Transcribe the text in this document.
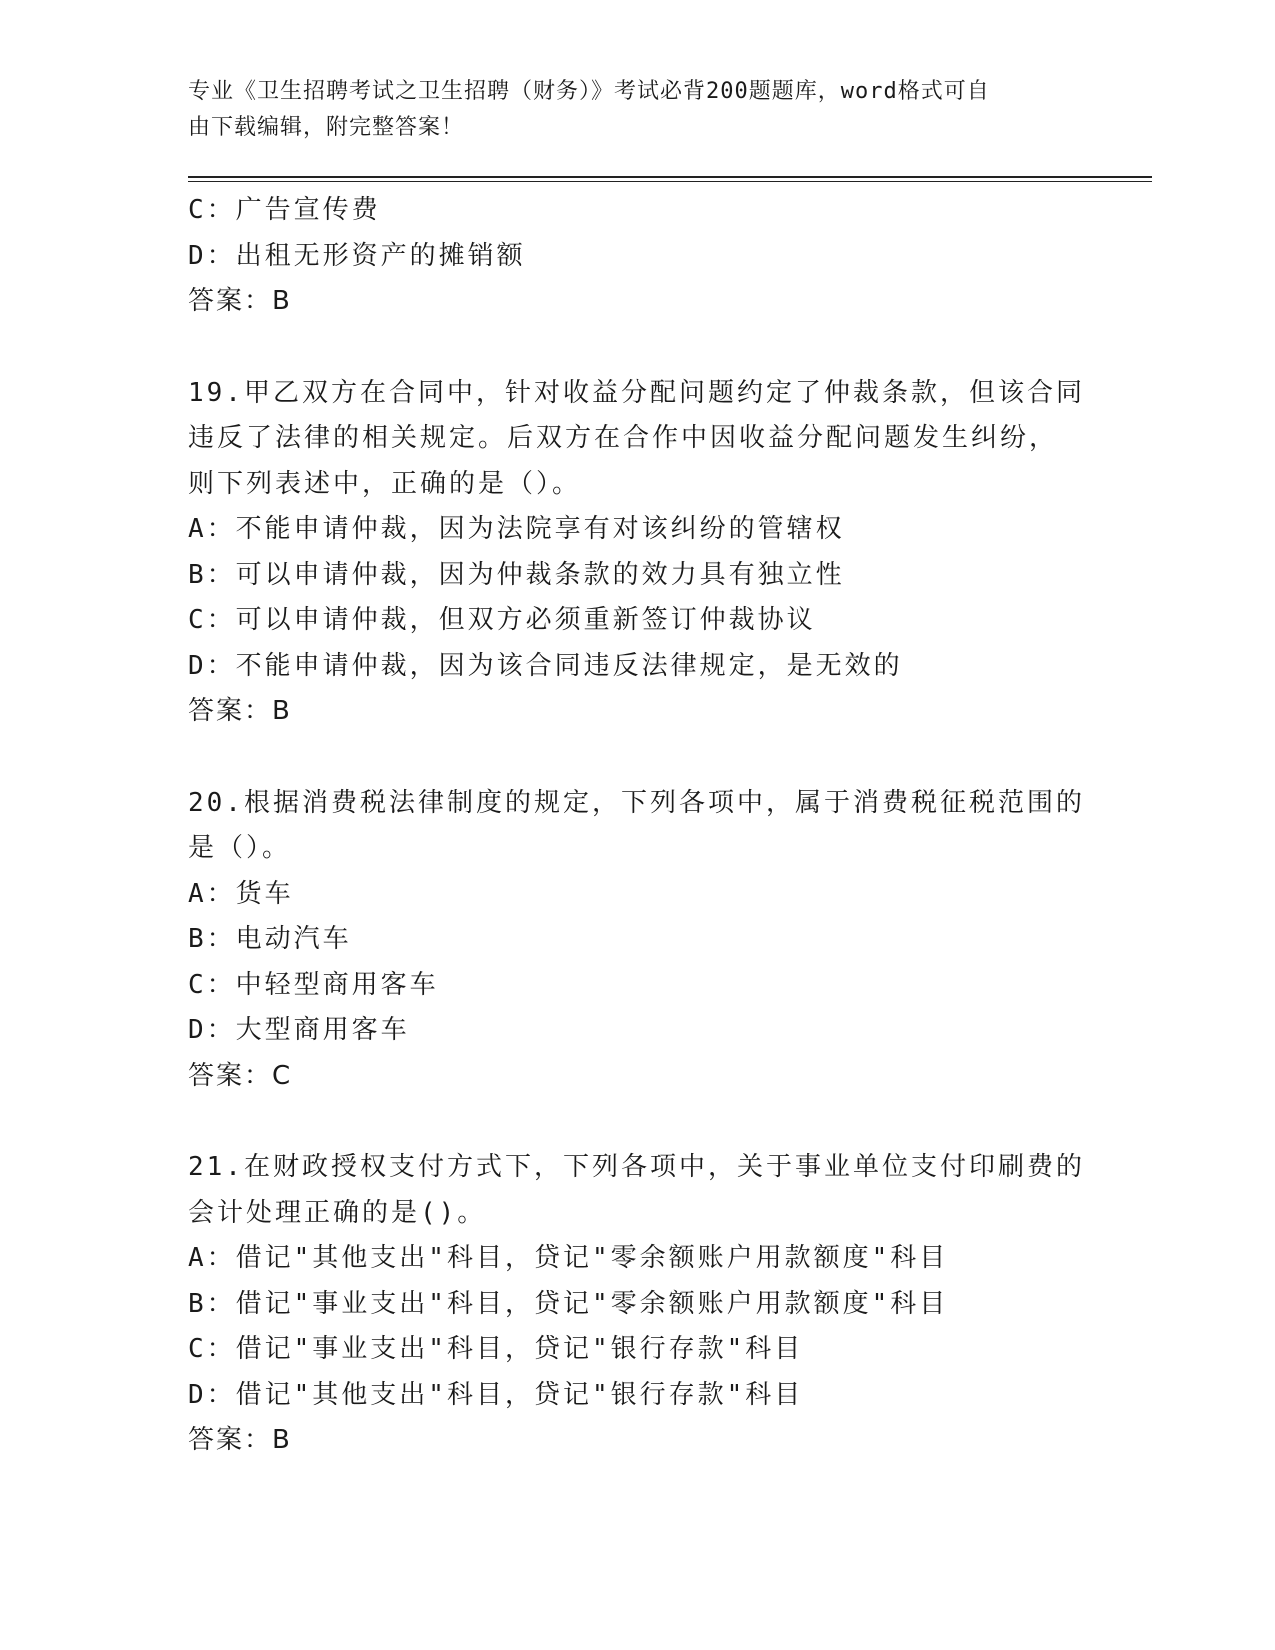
专业《卫生招聘考试之卫生招聘（财务）》考试必背200题题库，word格式可自
由下载编辑，附完整答案！
C：广告宣传费
D：出租无形资产的摊销额
答案：B
19.甲乙双方在合同中，针对收益分配问题约定了仲裁条款，但该合同
违反了法律的相关规定。后双方在合作中因收益分配问题发生纠纷，
则下列表述中，正确的是（）。
A：不能申请仲裁，因为法院享有对该纠纷的管辖权
B：可以申请仲裁，因为仲裁条款的效力具有独立性
C：可以申请仲裁，但双方必须重新签订仲裁协议
D：不能申请仲裁，因为该合同违反法律规定，是无效的
答案：B
20.根据消费税法律制度的规定，下列各项中，属于消费税征税范围的
是（）。
A：货车
B：电动汽车
C：中轻型商用客车
D：大型商用客车
答案：C
21.在财政授权支付方式下，下列各项中，关于事业单位支付印刷费的
会计处理正确的是()。
A：借记"其他支出"科目，贷记"零余额账户用款额度"科目
B：借记"事业支出"科目，贷记"零余额账户用款额度"科目
C：借记"事业支出"科目，贷记"银行存款"科目
D：借记"其他支出"科目，贷记"银行存款"科目
答案：B
